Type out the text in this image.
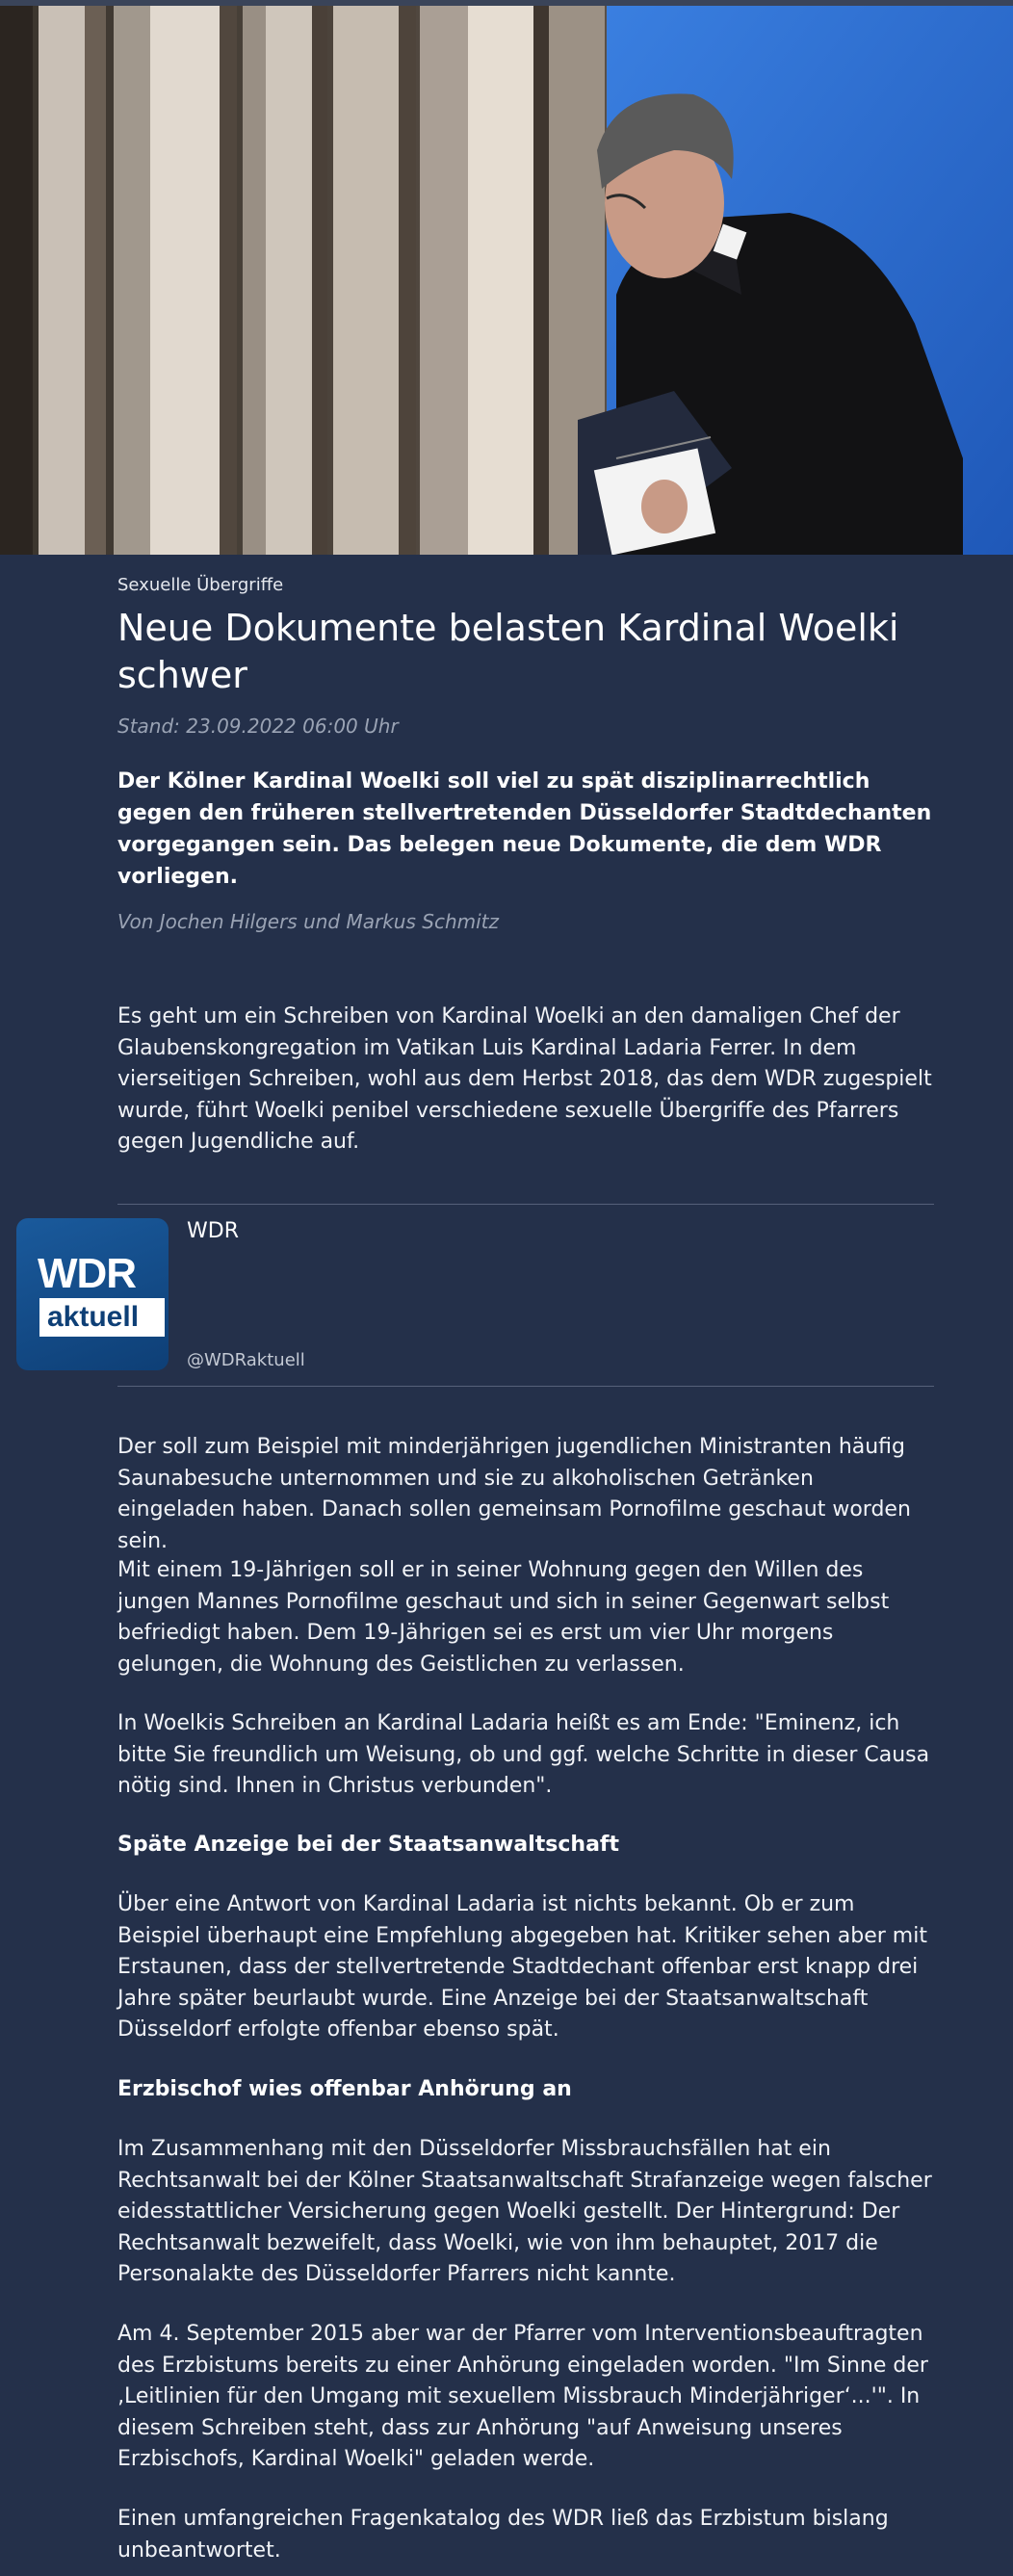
Sexuelle Übergriffe
Neue Dokumente belasten Kardinal Woelki schwer
Stand: 23.09.2022 06:00 Uhr

Der Kölner Kardinal Woelki soll viel zu spät disziplinarrechtlich gegen den früheren stellvertretenden Düsseldorfer Stadtdechanten vorgegangen sein. Das belegen neue Dokumente, die dem WDR vorliegen.

Von Jochen Hilgers und Markus Schmitz

Es geht um ein Schreiben von Kardinal Woelki an den damaligen Chef der Glaubenskongregation im Vatikan Luis Kardinal Ladaria Ferrer. In dem vierseitigen Schreiben, wohl aus dem Herbst 2018, das dem WDR zugespielt wurde, führt Woelki penibel verschiedene sexuelle Übergriffe des Pfarrers gegen Jugendliche auf.

WDR
aktuell
WDR
@WDRaktuell

Der soll zum Beispiel mit minderjährigen jugendlichen Ministranten häufig Saunabesuche unternommen und sie zu alkoholischen Getränken eingeladen haben. Danach sollen gemeinsam Pornofilme geschaut worden sein.

Mit einem 19-Jährigen soll er in seiner Wohnung gegen den Willen des jungen Mannes Pornofilme geschaut und sich in seiner Gegenwart selbst befriedigt haben. Dem 19-Jährigen sei es erst um vier Uhr morgens gelungen, die Wohnung des Geistlichen zu verlassen.

In Woelkis Schreiben an Kardinal Ladaria heißt es am Ende: "Eminenz, ich bitte Sie freundlich um Weisung, ob und ggf. welche Schritte in dieser Causa nötig sind. Ihnen in Christus verbunden".

Späte Anzeige bei der Staatsanwaltschaft

Über eine Antwort von Kardinal Ladaria ist nichts bekannt. Ob er zum Beispiel überhaupt eine Empfehlung abgegeben hat. Kritiker sehen aber mit Erstaunen, dass der stellvertretende Stadtdechant offenbar erst knapp drei Jahre später beurlaubt wurde. Eine Anzeige bei der Staatsanwaltschaft Düsseldorf erfolgte offenbar ebenso spät.

Erzbischof wies offenbar Anhörung an

Im Zusammenhang mit den Düsseldorfer Missbrauchsfällen hat ein Rechtsanwalt bei der Kölner Staatsanwaltschaft Strafanzeige wegen falscher eidesstattlicher Versicherung gegen Woelki gestellt. Der Hintergrund: Der Rechtsanwalt bezweifelt, dass Woelki, wie von ihm behauptet, 2017 die Personalakte des Düsseldorfer Pfarrers nicht kannte.

Am 4. September 2015 aber war der Pfarrer vom Interventionsbeauftragten des Erzbistums bereits zu einer Anhörung eingeladen worden. "Im Sinne der ‚Leitlinien für den Umgang mit sexuellem Missbrauch Minderjähriger‘...'". In diesem Schreiben steht, dass zur Anhörung "auf Anweisung unseres Erzbischofs, Kardinal Woelki" geladen werde.

Einen umfangreichen Fragenkatalog des WDR ließ das Erzbistum bislang unbeantwortet.
